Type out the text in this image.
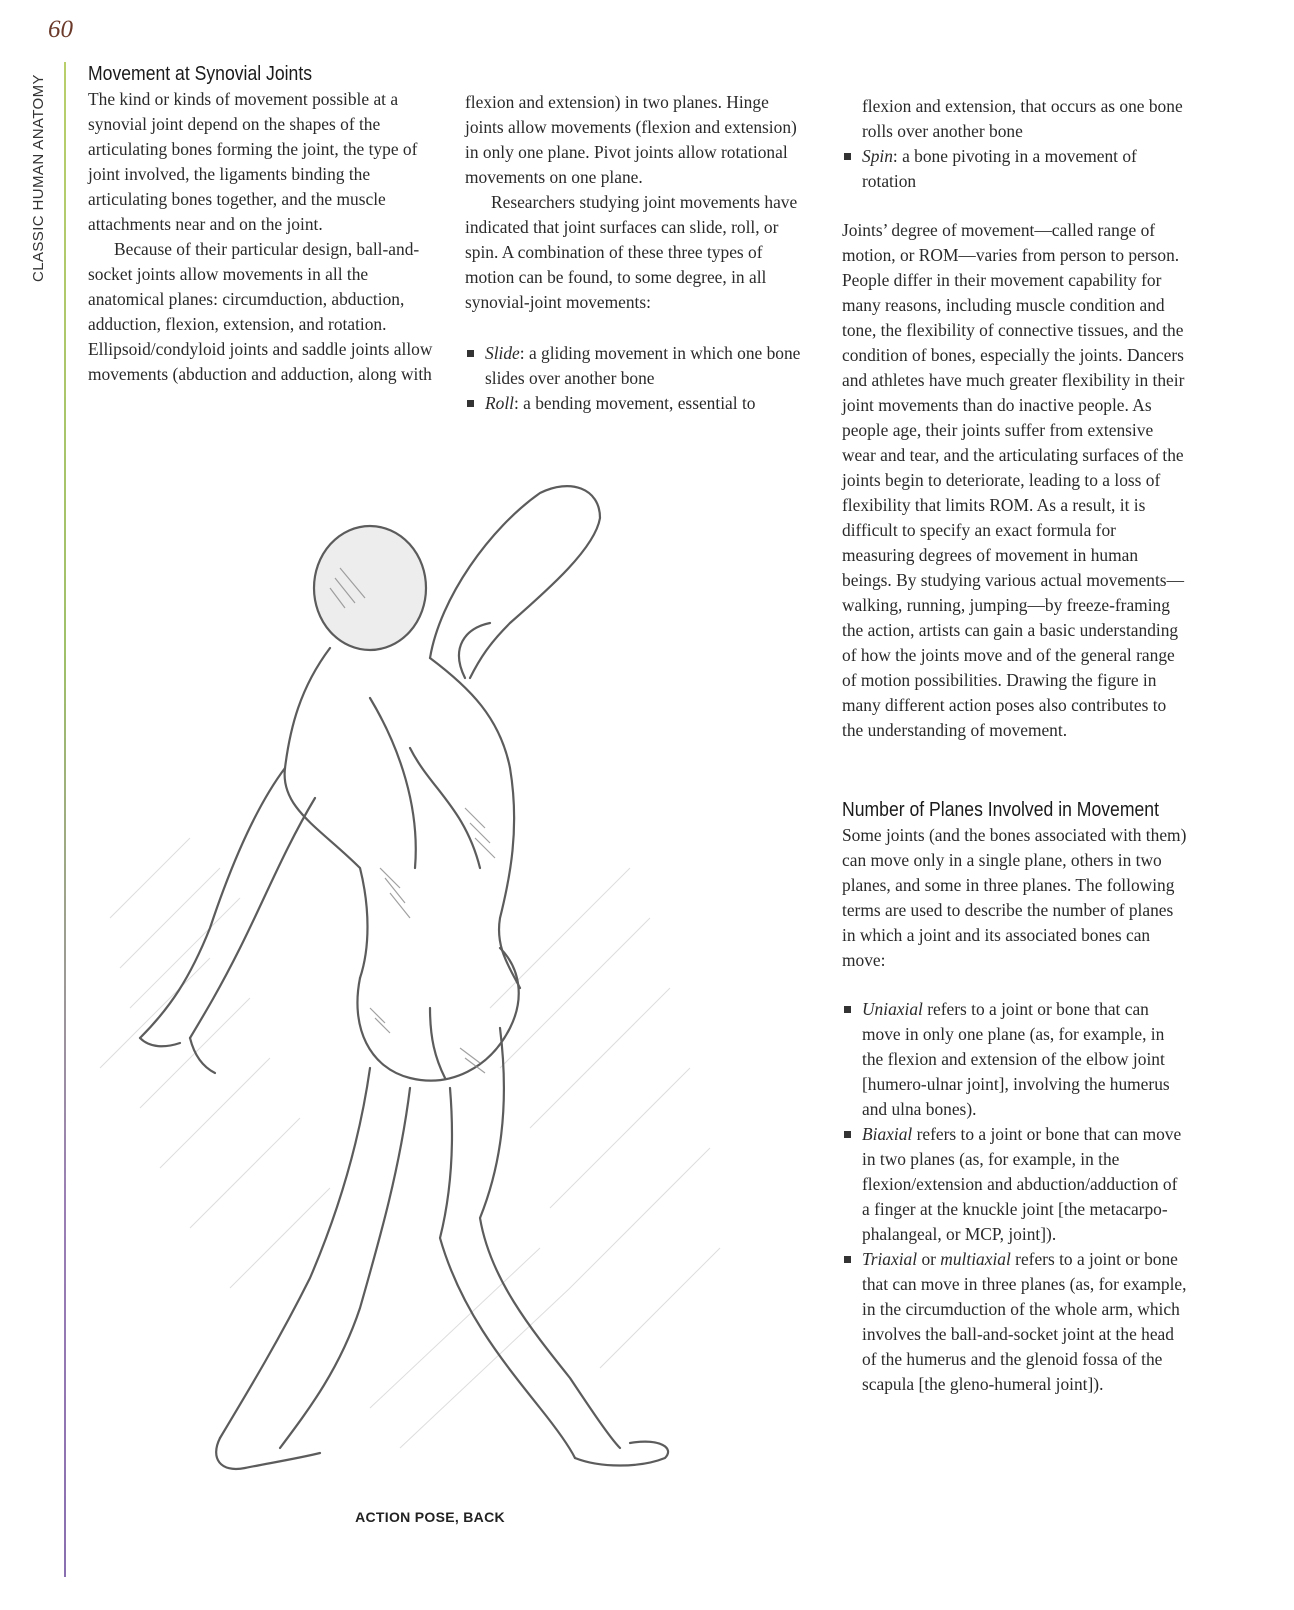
60
CLASSIC HUMAN ANATOMY
Movement at Synovial Joints

The kind or kinds of movement possible at a synovial joint depend on the shapes of the articulating bones forming the joint, the type of joint involved, the ligaments binding the articulating bones together, and the muscle attachments near and on the joint.

Because of their particular design, ball-and-socket joints allow movements in all the anatomical planes: circumduction, abduction, adduction, flexion, extension, and rotation. Ellipsoid/condyloid joints and saddle joints allow movements (abduction and adduction, along with

flexion and extension) in two planes. Hinge joints allow movements (flexion and extension) in only one plane. Pivot joints allow rotational movements on one plane.

Researchers studying joint movements have indicated that joint surfaces can slide, roll, or spin. A combination of these three types of motion can be found, to some degree, in all synovial-joint movements:

Slide: a gliding movement in which one bone slides over another bone
Roll: a bending movement, essential to
flexion and extension, that occurs as one bone rolls over another bone
Spin: a bone pivoting in a movement of rotation

Joints’ degree of movement—called range of motion, or ROM—varies from person to person. People differ in their movement capability for many reasons, including muscle condition and tone, the flexibility of connective tissues, and the condition of bones, especially the joints. Dancers and athletes have much greater flexibility in their joint movements than do inactive people. As people age, their joints suffer from extensive wear and tear, and the articulating surfaces of the joints begin to deteriorate, leading to a loss of flexibility that limits ROM. As a result, it is difficult to specify an exact formula for measuring degrees of movement in human beings. By studying various actual movements—walking, running, jumping—by freeze-framing the action, artists can gain a basic understanding of how the joints move and of the general range of motion possibilities. Drawing the figure in many different action poses also contributes to the understanding of movement.

Number of Planes Involved in Movement

Some joints (and the bones associated with them) can move only in a single plane, others in two planes, and some in three planes. The following terms are used to describe the number of planes in which a joint and its associated bones can move:

Uniaxial refers to a joint or bone that can move in only one plane (as, for example, in the flexion and extension of the elbow joint [humero-ulnar joint], involving the humerus and ulna bones).
Biaxial refers to a joint or bone that can move in two planes (as, for example, in the flexion/extension and abduction/adduction of a finger at the knuckle joint [the metacarpo-phalangeal, or MCP, joint]).
Triaxial or multiaxial refers to a joint or bone that can move in three planes (as, for example, in the circumduction of the whole arm, which involves the ball-and-socket joint at the head of the humerus and the glenoid fossa of the scapula [the gleno-humeral joint]).
ACTION POSE, BACK
